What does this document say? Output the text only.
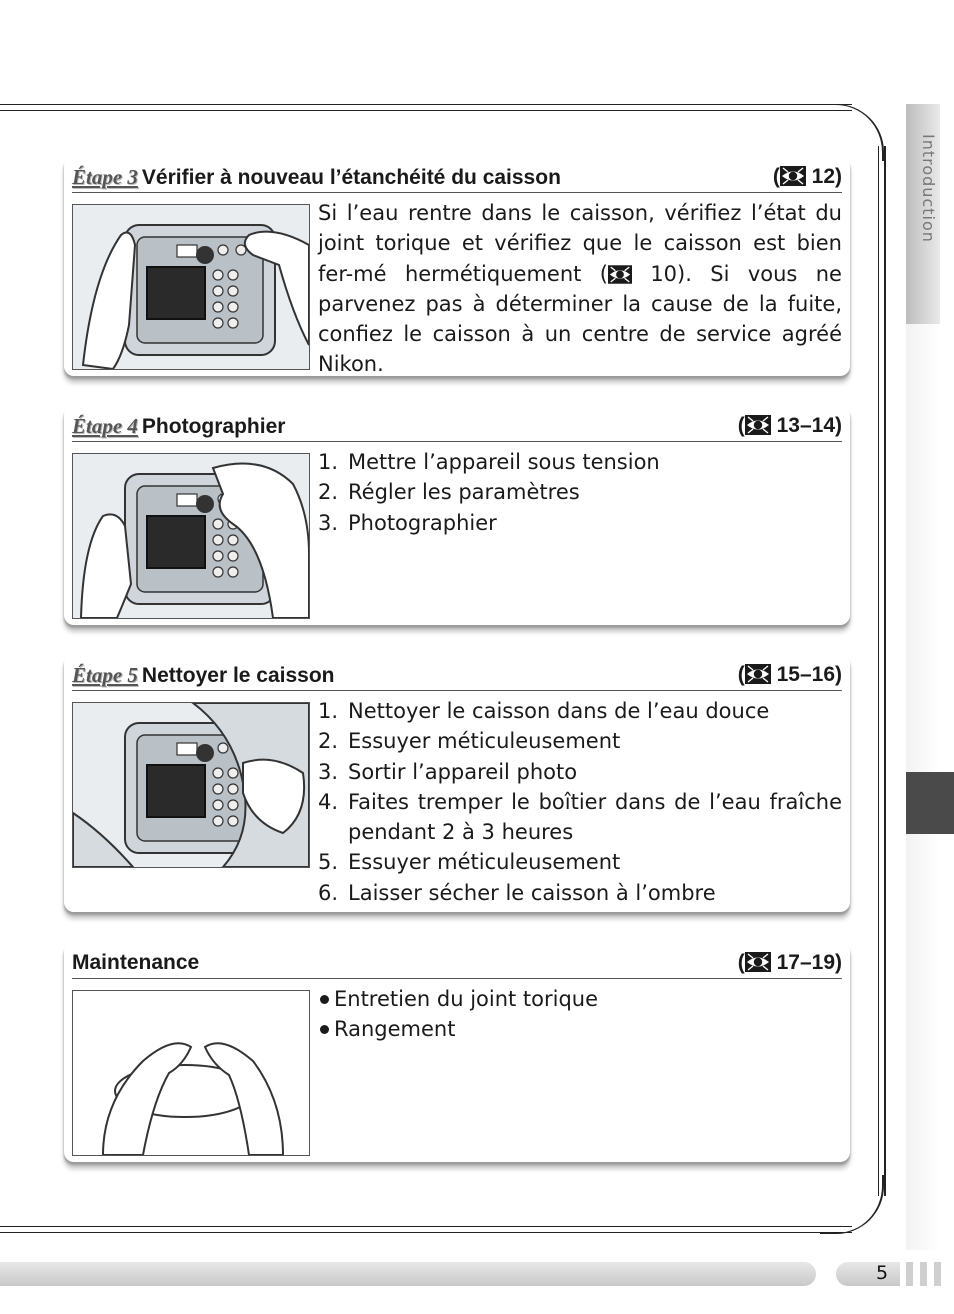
Introduction
Étape 3 Vérifier à nouveau l’étanchéité du caisson	( 12)

Si l’eau rentre dans le caisson, vérifiez l’état du joint torique et vérifiez que le caisson est bien fer-mé hermétiquement ( 10). Si vous ne parvenez pas à déterminer la cause de la fuite, confiez le caisson à un centre de service agréé Nikon.

Étape 4 Photographier	( 13–14)
1. Mettre l’appareil sous tension
2. Régler les paramètres
3. Photographier
Étape 5 Nettoyer le caisson	( 15–16)
1. Nettoyer le caisson dans de l’eau douce
2. Essuyer méticuleusement
3. Sortir l’appareil photo
4. Faites tremper le boîtier dans de l’eau fraîche pendant 2 à 3 heures
5. Essuyer méticuleusement
6. Laisser sécher le caisson à l’ombre
Maintenance	( 17–19)
Entretien du joint torique
Rangement
5
